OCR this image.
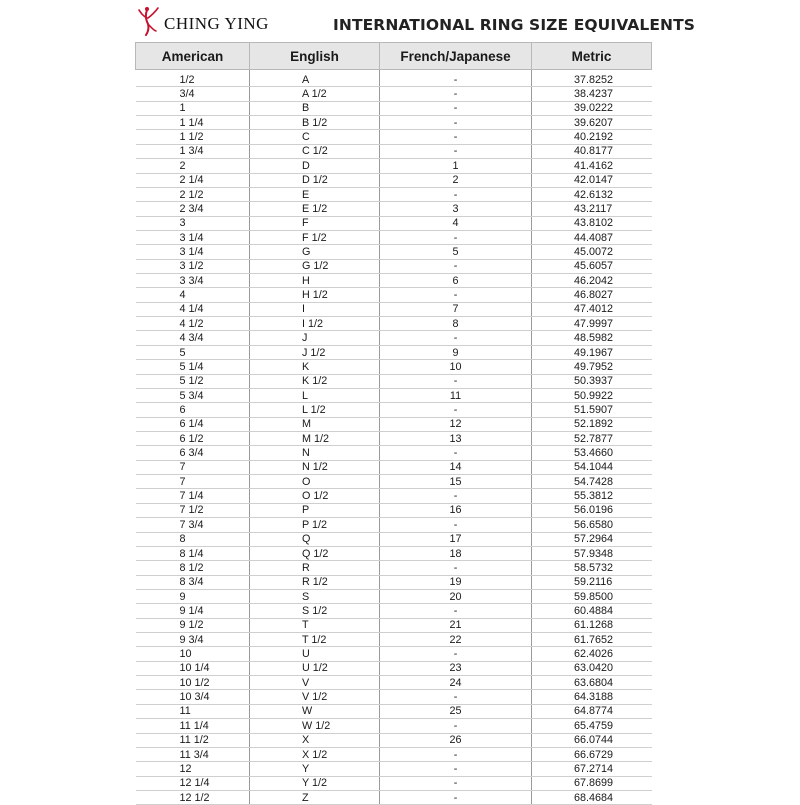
CHING YING	INTERNATIONAL RING SIZE EQUIVALENTS
American	English	French/Japanese	Metric
1/2	A	-	37.8252
3/4	A 1/2	-	38.4237
1	B	-	39.0222
1 1/4	B 1/2	-	39.6207
1 1/2	C	-	40.2192
1 3/4	C 1/2	-	40.8177
2	D	1	41.4162
2 1/4	D 1/2	2	42.0147
2 1/2	E	-	42.6132
2 3/4	E 1/2	3	43.2117
3	F	4	43.8102
3 1/4	F 1/2	-	44.4087
3 1/4	G	5	45.0072
3 1/2	G 1/2	-	45.6057
3 3/4	H	6	46.2042
4	H 1/2	-	46.8027
4 1/4	I	7	47.4012
4 1/2	I 1/2	8	47.9997
4 3/4	J	-	48.5982
5	J 1/2	9	49.1967
5 1/4	K	10	49.7952
5 1/2	K 1/2	-	50.3937
5 3/4	L	11	50.9922
6	L 1/2	-	51.5907
6 1/4	M	12	52.1892
6 1/2	M 1/2	13	52.7877
6 3/4	N	-	53.4660
7	N 1/2	14	54.1044
7	O	15	54.7428
7 1/4	O 1/2	-	55.3812
7 1/2	P	16	56.0196
7 3/4	P 1/2	-	56.6580
8	Q	17	57.2964
8 1/4	Q 1/2	18	57.9348
8 1/2	R	-	58.5732
8 3/4	R 1/2	19	59.2116
9	S	20	59.8500
9 1/4	S 1/2	-	60.4884
9 1/2	T	21	61.1268
9 3/4	T 1/2	22	61.7652
10	U	-	62.4026
10 1/4	U 1/2	23	63.0420
10 1/2	V	24	63.6804
10 3/4	V 1/2	-	64.3188
11	W	25	64.8774
11 1/4	W 1/2	-	65.4759
11 1/2	X	26	66.0744
11 3/4	X 1/2	-	66.6729
12	Y	-	67.2714
12 1/4	Y 1/2	-	67.8699
12 1/2	Z	-	68.4684
